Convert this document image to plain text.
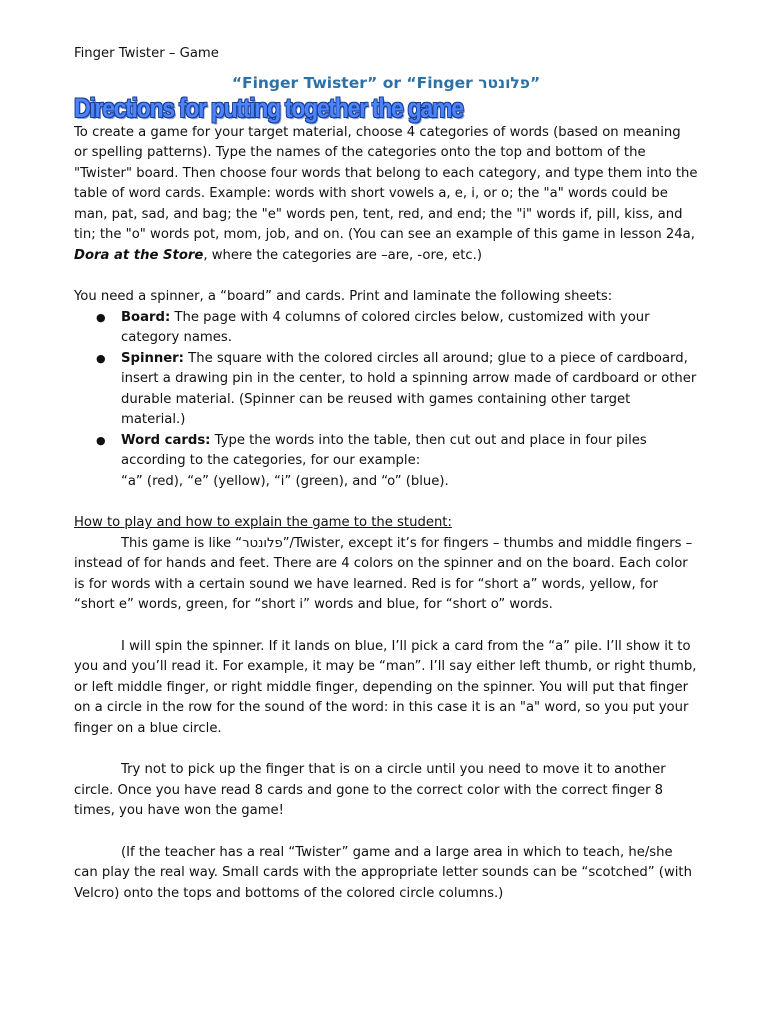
Finger Twister – Game

“Finger Twister” or “Finger פלונטר”

Directions for putting together the game

To create a game for your target material, choose 4 categories of words (based on meaning or spelling patterns). Type the names of the categories onto the top and bottom of the "Twister" board. Then choose four words that belong to each category, and type them into the table of word cards. Example: words with short vowels a, e, i, or o; the "a" words could be man, pat, sad, and bag; the "e" words pen, tent, red, and end; the "i" words if, pill, kiss, and tin; the "o" words pot, mom, job, and on. (You can see an example of this game in lesson 24a, Dora at the Store, where the categories are –are, -ore, etc.)

You need a spinner, a “board” and cards. Print and laminate the following sheets:

● Board: The page with 4 columns of colored circles below, customized with your category names.
● Spinner: The square with the colored circles all around; glue to a piece of cardboard, insert a drawing pin in the center, to hold a spinning arrow made of cardboard or other durable material. (Spinner can be reused with games containing other target material.)
● Word cards: Type the words into the table, then cut out and place in four piles according to the categories, for our example:
“a” (red), “e” (yellow), “i” (green), and “o” (blue).

How to play and how to explain the game to the student:

This game is like “פלונטר”/Twister, except it’s for fingers – thumbs and middle fingers – instead of for hands and feet. There are 4 colors on the spinner and on the board. Each color is for words with a certain sound we have learned. Red is for “short a” words, yellow, for “short e” words, green, for “short i” words and blue, for “short o” words.

I will spin the spinner. If it lands on blue, I’ll pick a card from the “a” pile. I’ll show it to you and you’ll read it. For example, it may be “man”. I’ll say either left thumb, or right thumb, or left middle finger, or right middle finger, depending on the spinner. You will put that finger on a circle in the row for the sound of the word: in this case it is an "a" word, so you put your finger on a blue circle.

Try not to pick up the finger that is on a circle until you need to move it to another circle. Once you have read 8 cards and gone to the correct color with the correct finger 8 times, you have won the game!

(If the teacher has a real “Twister” game and a large area in which to teach, he/she can play the real way. Small cards with the appropriate letter sounds can be “scotched” (with Velcro) onto the tops and bottoms of the colored circle columns.)
